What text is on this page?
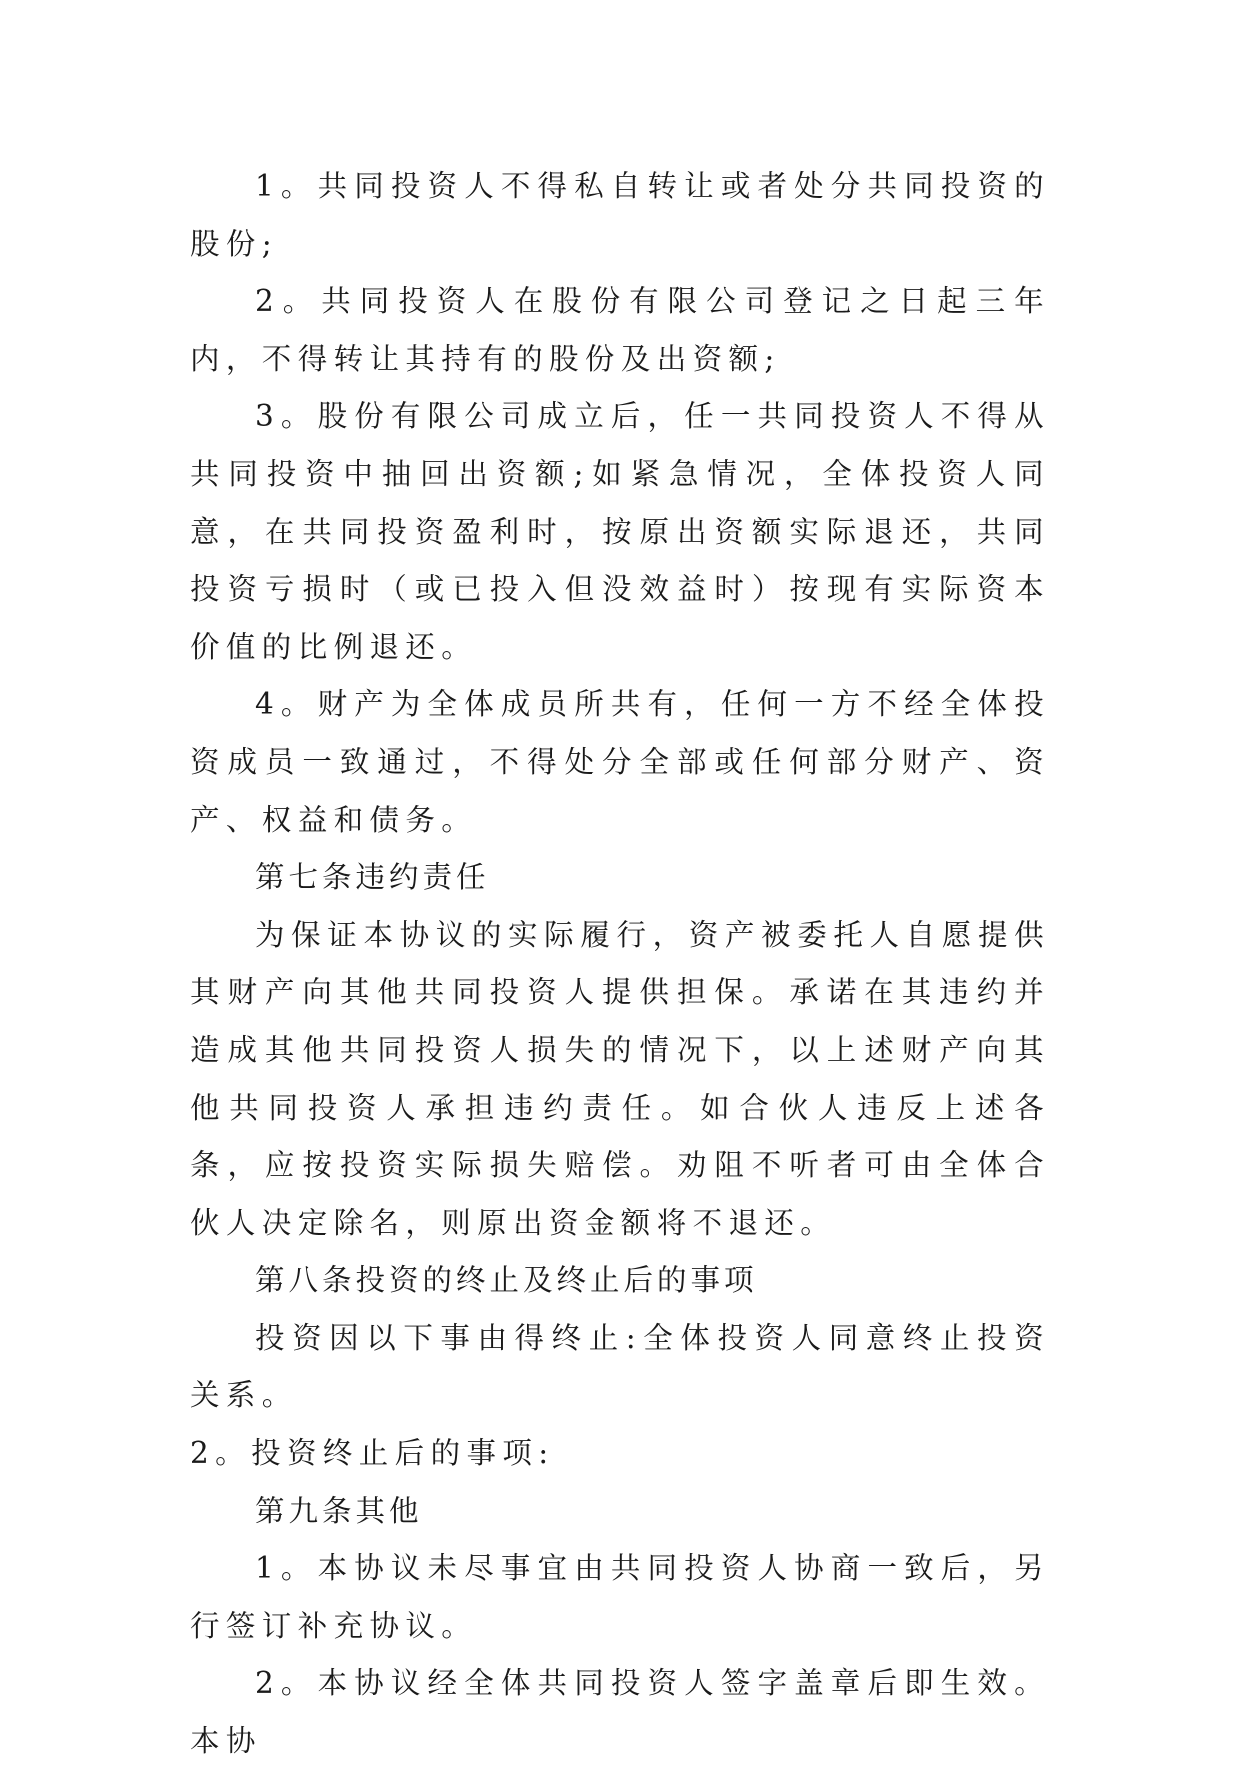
1。共同投资人不得私自转让或者处分共同投资的股份;

2。共同投资人在股份有限公司登记之日起三年内，不得转让其持有的股份及出资额;

3。股份有限公司成立后，任一共同投资人不得从共同投资中抽回出资额;如紧急情况，全体投资人同意，在共同投资盈利时，按原出资额实际退还，共同投资亏损时（或已投入但没效益时）按现有实际资本价值的比例退还。

4。财产为全体成员所共有，任何一方不经全体投资成员一致通过，不得处分全部或任何部分财产、资产、权益和债务。

第七条违约责任

为保证本协议的实际履行，资产被委托人自愿提供其财产向其他共同投资人提供担保。承诺在其违约并造成其他共同投资人损失的情况下，以上述财产向其他共同投资人承担违约责任。如合伙人违反上述各条，应按投资实际损失赔偿。劝阻不听者可由全体合伙人决定除名，则原出资金额将不退还。

第八条投资的终止及终止后的事项

投资因以下事由得终止:全体投资人同意终止投资关系。

2。投资终止后的事项:

第九条其他

1。本协议未尽事宜由共同投资人协商一致后，另行签订补充协议。

2。本协议经全体共同投资人签字盖章后即生效。本协
